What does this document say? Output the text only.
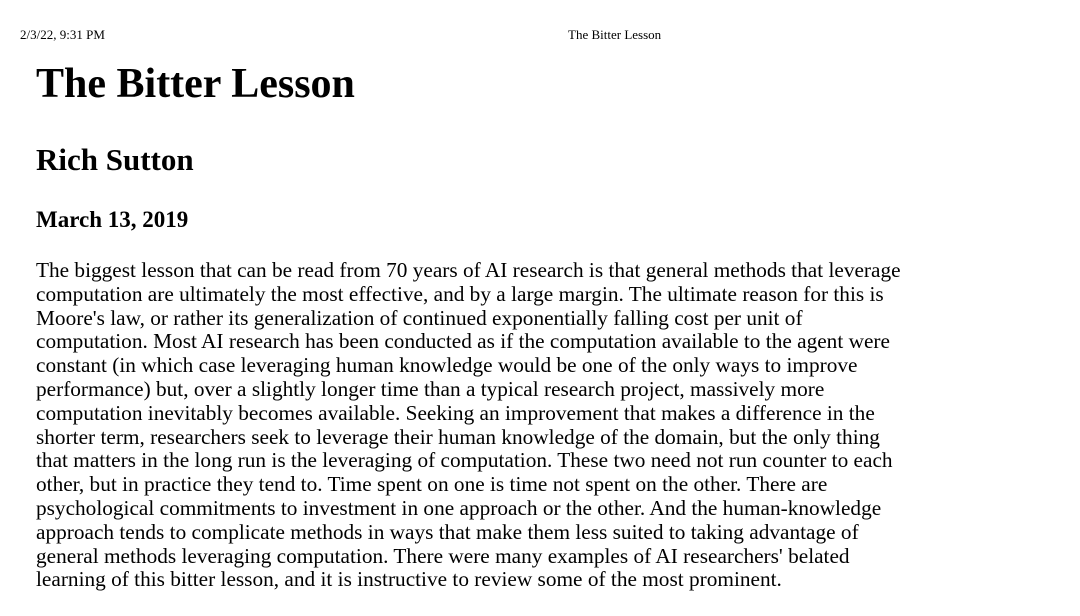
2/3/22, 9:31 PM	The Bitter Lesson
The Bitter Lesson
Rich Sutton
March 13, 2019

The biggest lesson that can be read from 70 years of AI research is that general methods that leverage
computation are ultimately the most effective, and by a large margin. The ultimate reason for this is
Moore's law, or rather its generalization of continued exponentially falling cost per unit of
computation. Most AI research has been conducted as if the computation available to the agent were
constant (in which case leveraging human knowledge would be one of the only ways to improve
performance) but, over a slightly longer time than a typical research project, massively more
computation inevitably becomes available. Seeking an improvement that makes a difference in the
shorter term, researchers seek to leverage their human knowledge of the domain, but the only thing
that matters in the long run is the leveraging of computation. These two need not run counter to each
other, but in practice they tend to. Time spent on one is time not spent on the other. There are
psychological commitments to investment in one approach or the other. And the human-knowledge
approach tends to complicate methods in ways that make them less suited to taking advantage of
general methods leveraging computation. There were many examples of AI researchers' belated
learning of this bitter lesson, and it is instructive to review some of the most prominent.
